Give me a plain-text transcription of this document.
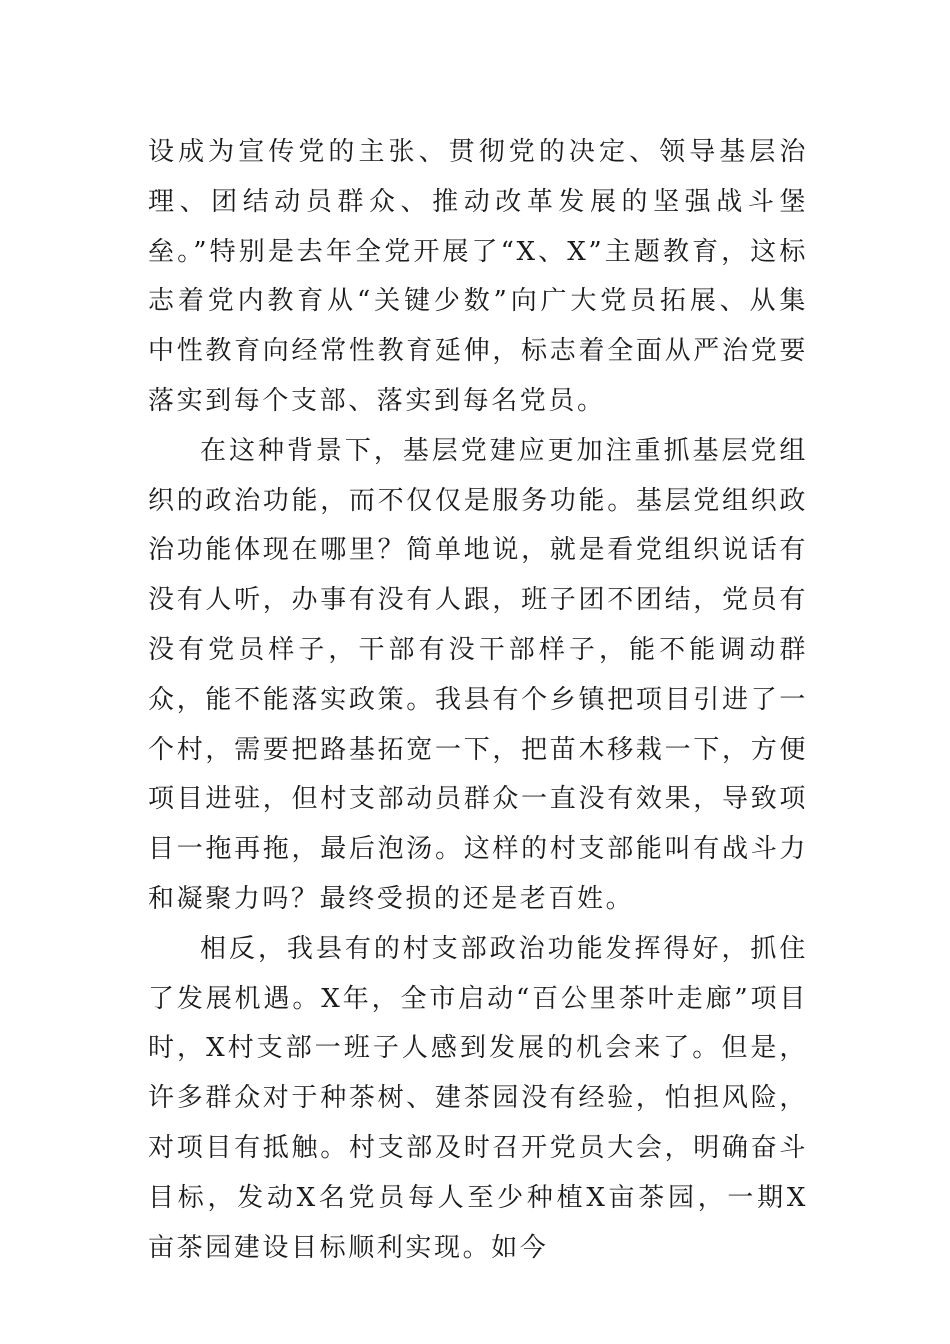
设成为宣传党的主张、贯彻党的决定、领导基层治理、团结动员群众、推动改革发展的坚强战斗堡垒。”特别是去年全党开展了“X、X”主题教育，这标志着党内教育从“关键少数”向广大党员拓展、从集中性教育向经常性教育延伸，标志着全面从严治党要落实到每个支部、落实到每名党员。

在这种背景下，基层党建应更加注重抓基层党组织的政治功能，而不仅仅是服务功能。基层党组织政治功能体现在哪里？简单地说，就是看党组织说话有没有人听，办事有没有人跟，班子团不团结，党员有没有党员样子，干部有没干部样子，能不能调动群众，能不能落实政策。我县有个乡镇把项目引进了一个村，需要把路基拓宽一下，把苗木移栽一下，方便项目进驻，但村支部动员群众一直没有效果，导致项目一拖再拖，最后泡汤。这样的村支部能叫有战斗力和凝聚力吗？最终受损的还是老百姓。

相反，我县有的村支部政治功能发挥得好，抓住了发展机遇。X年，全市启动“百公里茶叶走廊”项目时，X村支部一班子人感到发展的机会来了。但是，许多群众对于种茶树、建茶园没有经验，怕担风险，对项目有抵触。村支部及时召开党员大会，明确奋斗目标，发动X名党员每人至少种植X亩茶园，一期X亩茶园建设目标顺利实现。如今
